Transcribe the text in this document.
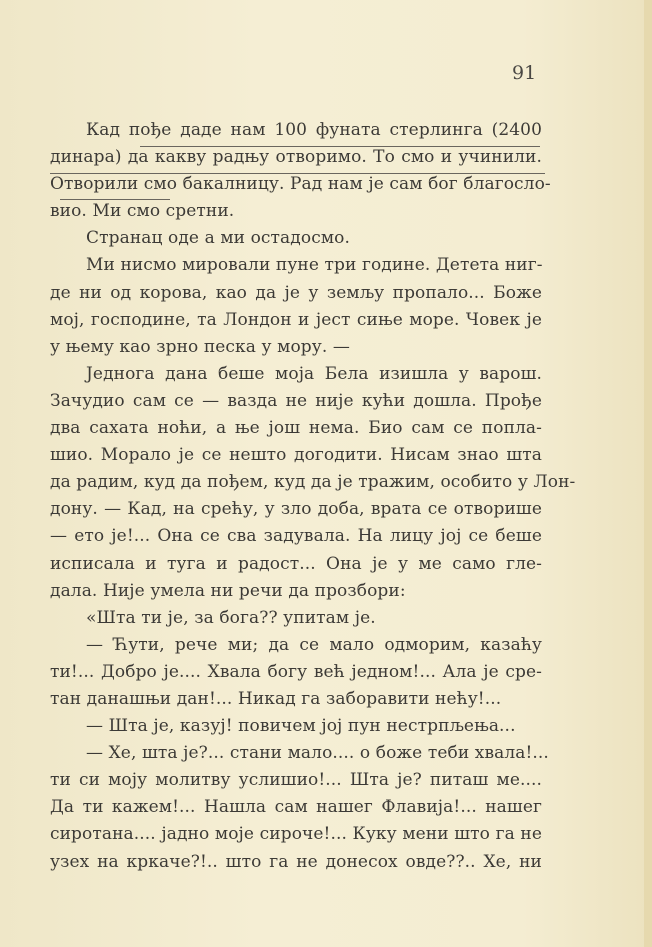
91
Кад пође даде нам 100 фуната стерлинга (2400
динара) да какву радњу отворимо. То смо и учинили.
Отворили смо бакалницу. Рад нам је сам бог благосло-
вио. Ми смо сретни.
Странац оде а ми остадосмо.
Ми нисмо мировали пуне три године. Детета ниг-
де ни од корова, као да је у земљу пропало... Боже
мој, господине, та Лондон и јест сиње море. Човек је
у њему као зрно песка у мору. —
Једнога дана беше моја Бела изишла у варош.
Зачудио сам се — вазда не није кући дошла. Прође
два сахата ноћи, а ње још нема. Био сам се попла-
шио. Морало је се нешто догодити. Нисам знао шта
да радим, куд да пођем, куд да је тражим, особито у Лон-
дону. — Кад, на срећу, у зло доба, врата се отворише
— ето је!... Она се сва задувала. На лицу јој се беше
исписала и туга и радост... Она је у ме само гле-
дала. Није умела ни речи да прозбори:
«Шта ти је, за бога?? упитам је.
— Ћути, рече ми; да се мало одморим, казаћу
ти!... Добро је.... Хвала богу већ једном!... Ала је сре-
тан данашњи дан!... Никад га заборавити нећу!...
— Шта је, казуј! повичем јој пун нестрпљења...
— Хе, шта је?... стани мало.... о боже теби хвала!...
ти си моју молитву услишио!... Шта је? питаш ме....
Да ти кажем!... Нашла сам нашег Флавија!... нашег
сиротана.... јадно моје сироче!... Куку мени што га не
узех на кркаче?!.. што га не донесох овде??.. Хе, ни
